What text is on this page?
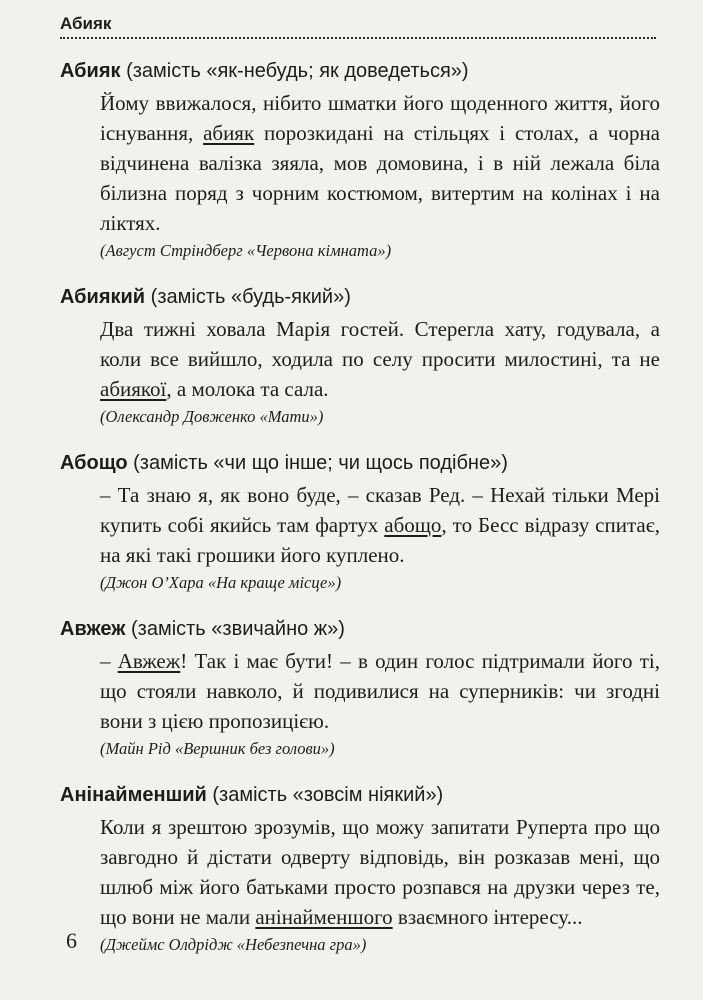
Абияк

Абияк (замість «як-небудь; як доведеться»)

Йому ввижалося, нібито шматки його щоденного життя, його існування, абияк порозкидані на стільцях і столах, а чорна відчинена валізка зяяла, мов домовина, і в ній лежала біла білизна поряд з чорним костюмом, витертим на колінах і на ліктях.

(Август Стріндберг «Червона кімната»)

Абиякий (замість «будь-який»)

Два тижні ховала Марія гостей. Стерегла хату, годувала, а коли все вийшло, ходила по селу просити милостині, та не абиякої, а молока та сала.

(Олександр Довженко «Мати»)

Абощо (замість «чи що інше; чи щось подібне»)

– Та знаю я, як воно буде, – сказав Ред. – Нехай тільки Мері купить собі якийсь там фартух абощо, то Бесс відразу спитає, на які такі грошики його куплено.

(Джон О’Хара «На краще місце»)

Авжеж (замість «звичайно ж»)

– Авжеж! Так і має бути! – в один голос підтримали його ті, що стояли навколо, й подивилися на суперників: чи згодні вони з цією пропозицією.

(Майн Рід «Вершник без голови»)

Анінайменший (замість «зовсім ніякий»)

Коли я зрештою зрозумів, що можу запитати Руперта про що завгодно й дістати одверту відповідь, він розказав мені, що шлюб між його батьками просто розпався на друзки через те, що вони не мали анінайменшого взаємного інтересу...

(Джеймс Олдрідж «Небезпечна гра»)

6
